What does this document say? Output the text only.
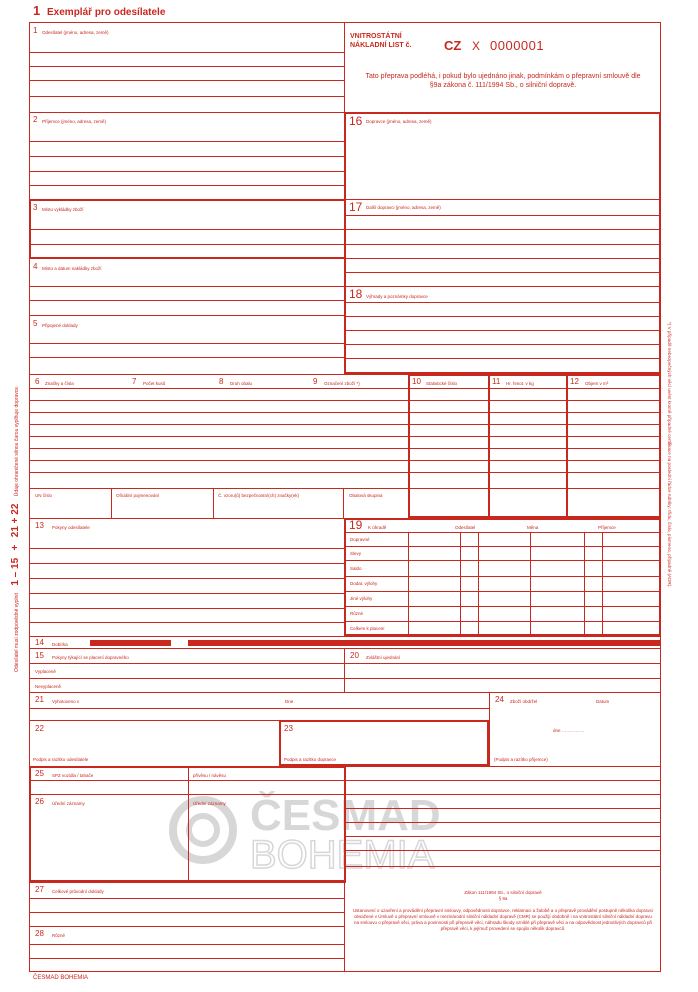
1 Exemplář pro odesílatele
ČESMAD
BOHEMIA
VNITROSTÁTNÍ
NÁKLADNÍ LIST č.	CZ X 0000001
Tato přeprava podléhá, i pokud bylo ujednáno jinak, podmínkám o přepravní smlouvě dle §9a zákona č. 111/1994 Sb., o silniční dopravě.
1 Odesílatel (jméno, adresa, země)
2 Příjemce (jméno, adresa, země)
3 Místo vykládky zboží
4 Místo a datum nakládky zboží
5 Připojené doklady
16 Dopravce (jméno, adresa, země)
17 Další dopravci (jméno, adresa, země)
18 Výhrady a poznámky dopravce
6 Značky a čísla	7 Počet kusů	8 Druh obalu	9 Označení zboží *)	10 Statistické číslo	11 Hr. hmot. v kg	12 Objem v m³
UN číslo	Oficiální pojmenování	Č. vzoru(ů) bezpečnostní(ch) značky(ek)	Obalová skupina
13 Pokyny odesílatele	19 K úhradě	Odesílatel	Měna	Příjemce
Dopravné
Slevy
Saldo
Dodat. výlohy
Jiné výlohy
Různé
Celkem k placení
14 Dobírka
15 Pokyny týkající se placení dopravného	20 Zvláštní ujednání
Vyplaceně
Nevyplaceně
21 Vyhotoveno v	Dne	24 Zboží obdržel	Datum
dne ……………
(Podpis a razítko příjemce)
22
Podpis a razítko odesílatele
23
Podpis a razítko dopravce
25 SPZ vozidla / tahače	přívěsu / návěsu
26 Úřední záznamy	Úřední záznamy
27 Celkové průvodní doklady
28 Různé
Zákon 111/1994 Sb., o silniční dopravě
§ 9a
Ustanovení o uzavření a provádění přepravní smlouvy, odpovědnosti dopravce, reklamaci a žalobě a o přepravě provádění postupně několika dopravci obsažené v Úmluvě o přepravní smlouvě v mezinárodní silniční nákladní dopravě (CMR) se použijí obdobně i na vnitrostátní silniční nákladní dopravu na smlouvu o přepravě věci, práva a povinnosti při přepravě věci, náhradu škody vzniklé při přepravě věci a na odpovědnost jednotlivých dopravců při přepravě věci, k jejímuž provedení se spojilo několik dopravců.
ČESMAD BOHEMIA
Odesílatel musí zodpovědně vyplnit 1 – 15 + 21 + 22 Údaje ohraničené silnou čarou vyplňuje dopravce.	*) V případě nebezpečných věcí uvést kromě případné certifikace na poslední řádce rubriky: třídu, číslo, písmeno, případně (ADR).
